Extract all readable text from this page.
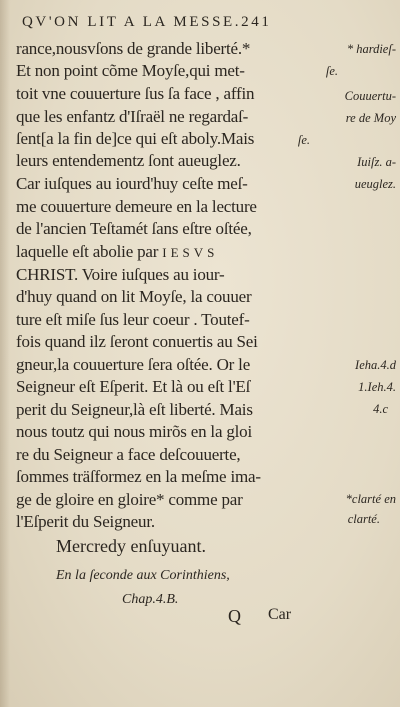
QV'ON LIT A LA MESSE.241
rance,nousvſons de grande liberté.*
Et non point cõme Moyſe,qui met-
toit vne couuerture ſus ſa face , affin
que les enfantz d'Iſraël ne regardaſ-
ſent[a la fin de]ce qui eſt aboly.Mais
leurs entendementz ſont aueuglez.
Car iuſques au iourd'huy ceſte meſ-
me couuerture demeure en la lecture
de l'ancien Teſtamét ſans eſtre oſtée,
laquelle eſt abolie par IESVS
CHRIST. Voire iuſques au iour-
d'huy quand on lit Moyſe, la couuer
ture eſt miſe ſus leur coeur . Toutef-
fois quand ilz ſeront conuertis au Sei
gneur,la couuerture ſera oſtée. Or le
Seigneur eſt Eſperit. Et là ou eſt l'Eſ
perit du Seigneur,là eſt liberté. Mais
nous toutz qui nous mirõs en la gloi
re du Seigneur a face deſcouuerte,
ſommes träſformez en la meſme ima-
ge de gloire en gloire* comme par
l'Eſperit du Seigneur.
* hardieſ-
ſe.
Couuertu-
re de Moy
ſe.
Iuiſz. a-
ueuglez.
Ieha.4.d
1.Ieh.4.
4.c
*clarté en
clarté.
Mercredy enſuyuant.
En la ſeconde aux Corinthiens,
Chap.4.B.
Q Car
